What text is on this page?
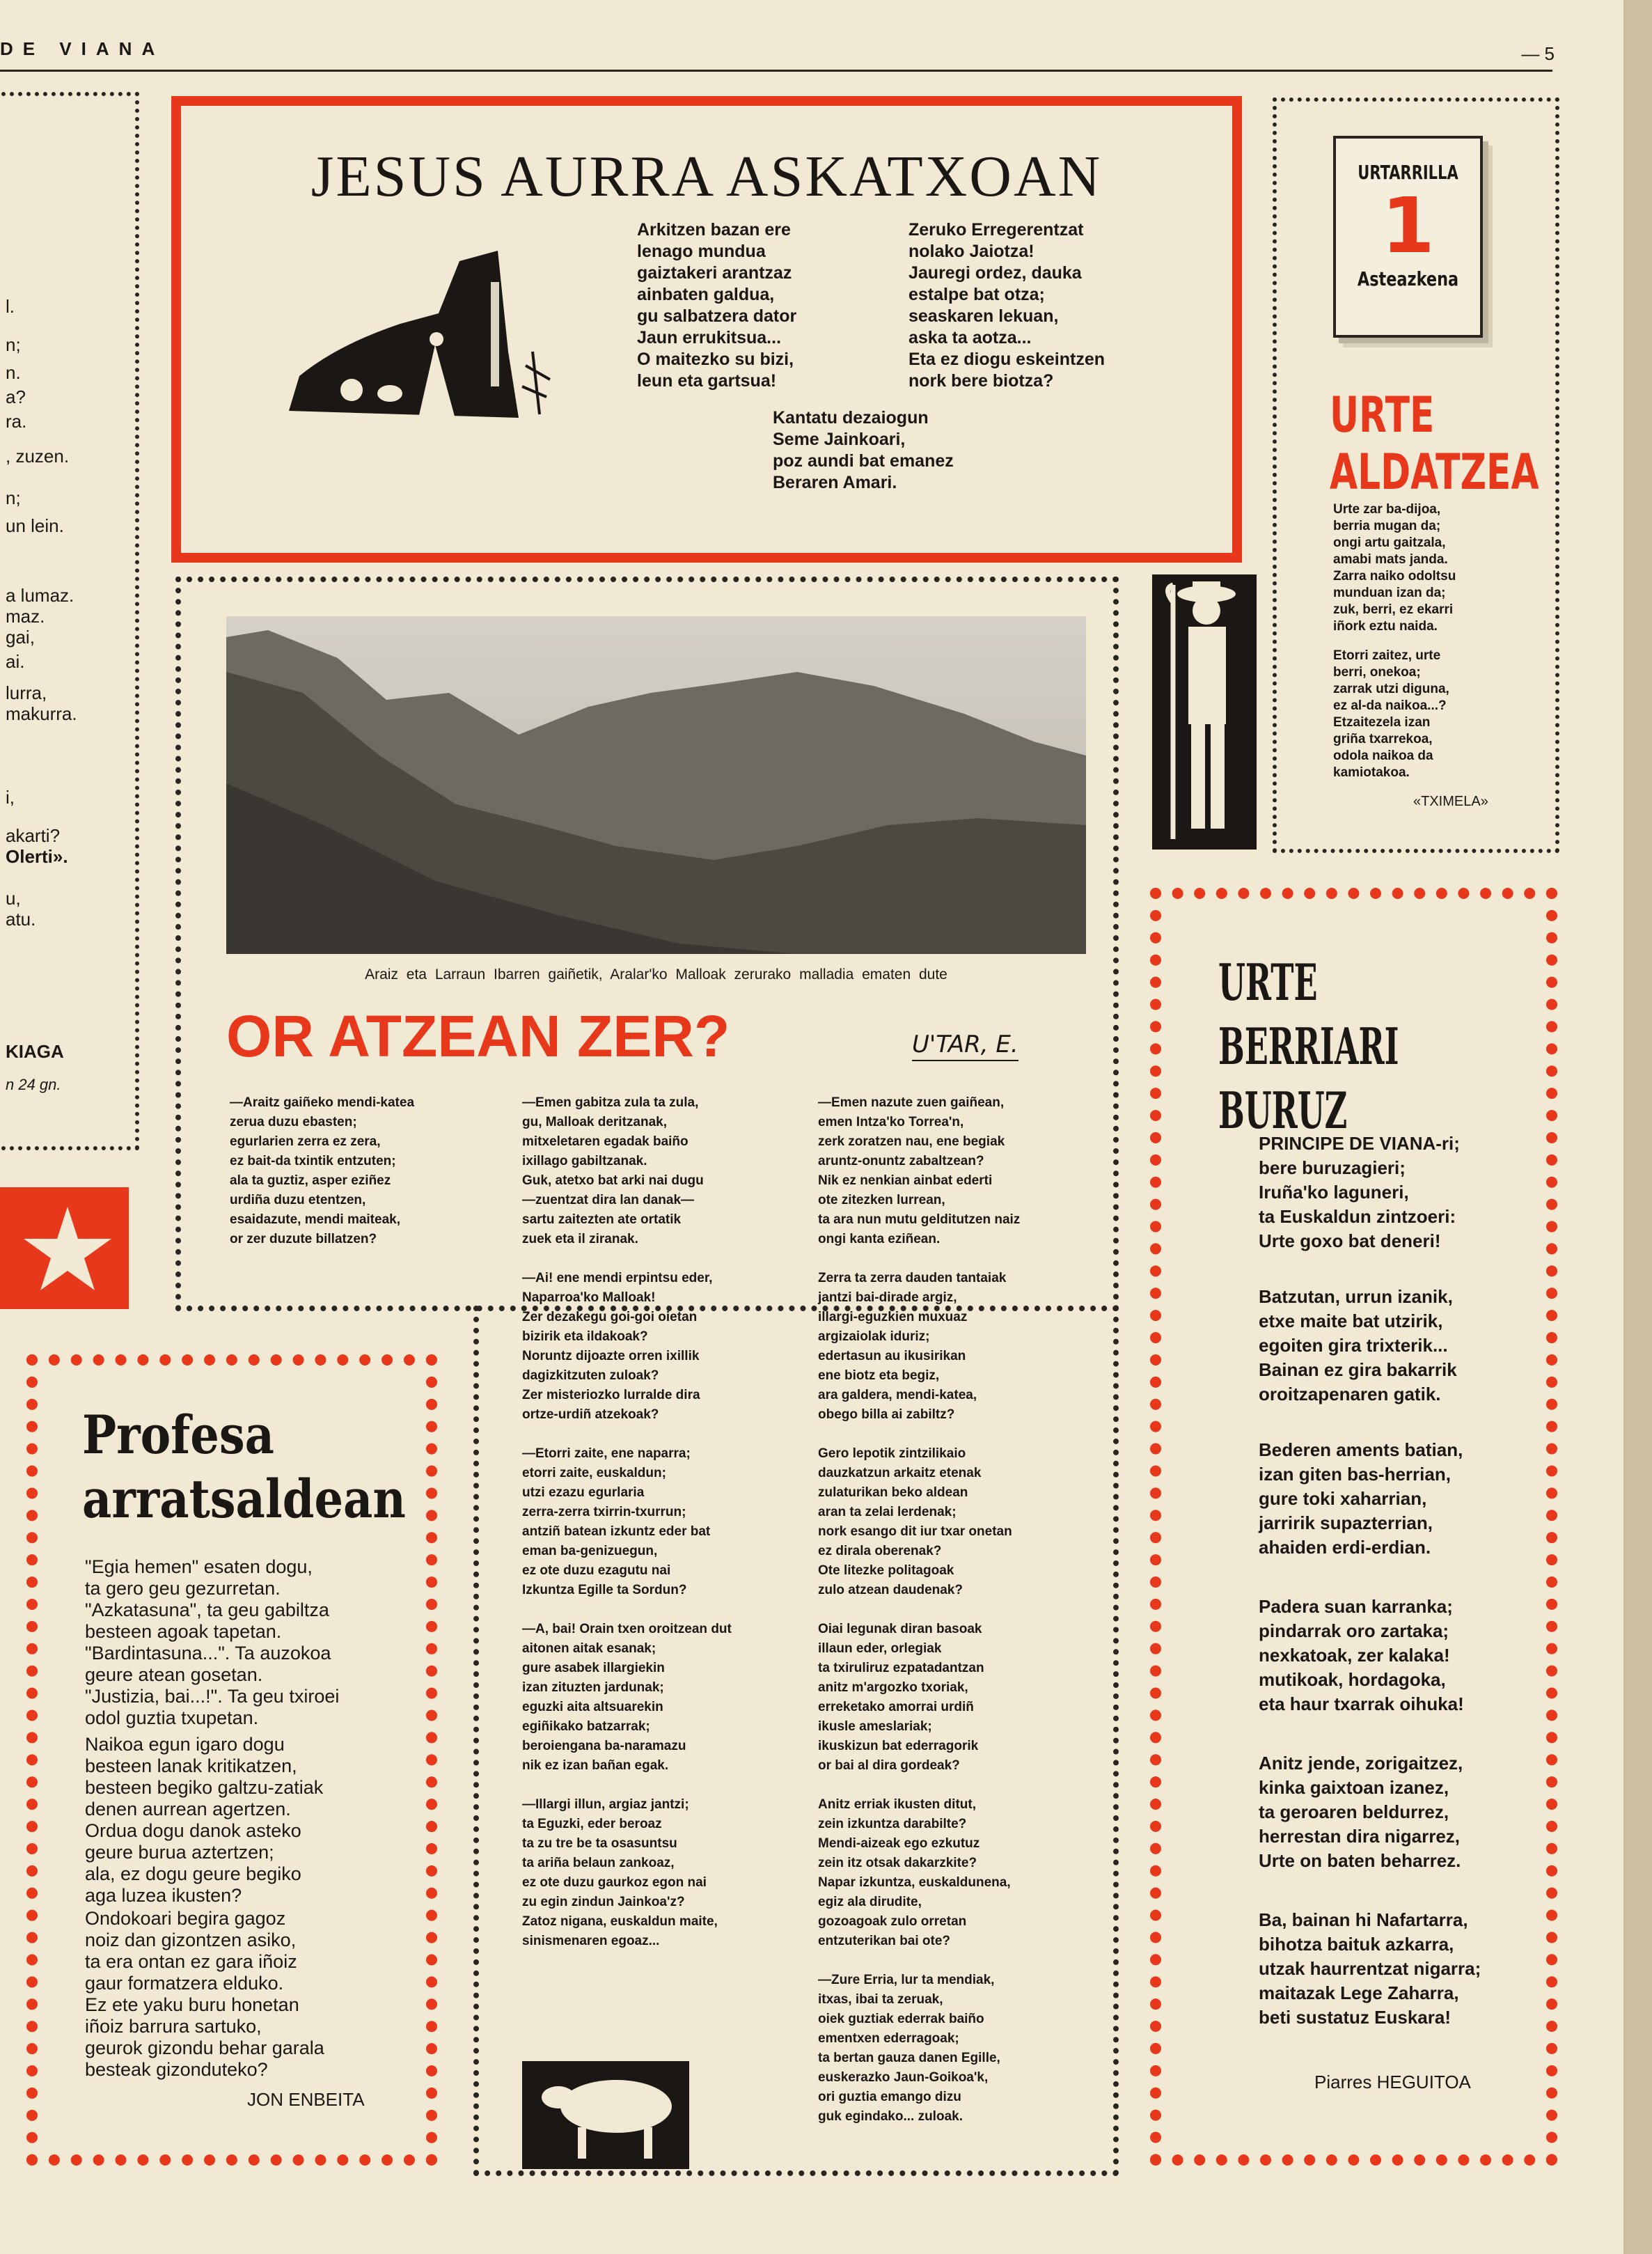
DE VIANA	— 5
l.
n;
n.
a?
ra.
, zuzen.
n;
un lein.
a lumaz.
maz.
gai,
ai.
lurra,
makurra.
i,
akarti?
Olerti».
u,
atu.
KIAGA
n 24 gn.
JESUS AURRA ASKATXOAN
Arkitzen bazan ere
lenago mundua
gaiztakeri arantzaz
ainbaten galdua,
gu salbatzera dator
Jaun errukitsua...
O maitezko su bizi,
leun eta gartsua!
Zeruko Erregerentzat
nolako Jaiotza!
Jauregi ordez, dauka
estalpe bat otza;
seaskaren lekuan,
aska ta aotza...
Eta ez diogu eskeintzen
nork bere biotza?
Kantatu dezaiogun
Seme Jainkoari,
poz aundi bat emanez
Beraren Amari.
URTARRILLA
1
Asteazkena
URTE
ALDATZEA
Urte zar ba-dijoa,
berria mugan da;
ongi artu gaitzala,
amabi mats janda.
Zarra naiko odoltsu
munduan izan da;
zuk, berri, ez ekarri
iñork eztu naida.
Etorri zaitez, urte
berri, onekoa;
zarrak utzi diguna,
ez al-da naikoa...?
Etzaitezela izan
griña txarrekoa,
odola naikoa da
kamiotakoa.
«TXIMELA»
Araiz eta Larraun Ibarren gaiñetik, Aralar'ko Malloak zerurako malladia ematen dute
OR ATZEAN ZER?	U'TAR, E.
—Araitz gaiñeko mendi-katea
zerua duzu ebasten;
egurlarien zerra ez zera,
ez bait-da txintik entzuten;
ala ta guztiz, asper eziñez
urdiña duzu etentzen,
esaidazute, mendi maiteak,
or zer duzute billatzen?
—Emen gabitza zula ta zula,
gu, Malloak deritzanak,
mitxeletaren egadak baiño
ixillago gabiltzanak.
Guk, atetxo bat arki nai dugu
—zuentzat dira lan danak—
sartu zaitezten ate ortatik
zuek eta il ziranak.

—Ai! ene mendi erpintsu eder,
Naparroa'ko Malloak!
Zer dezakegu goi-goi oietan
bizirik eta ildakoak?
Noruntz dijoazte orren ixillik
dagizkitzuten zuloak?
Zer misteriozko lurralde dira
ortze-urdiñ atzekoak?

—Etorri zaite, ene naparra;
etorri zaite, euskaldun;
utzi ezazu egurlaria
zerra-zerra txirrin-txurrun;
antziñ batean izkuntz eder bat
eman ba-genizuegun,
ez ote duzu ezagutu nai
Izkuntza Egille ta Sordun?

—A, bai! Orain txen oroitzean dut
aitonen aitak esanak;
gure asabek illargiekin
izan zituzten jardunak;
eguzki aita altsuarekin
egiñikako batzarrak;
beroiengana ba-naramazu
nik ez izan bañan egak.

—Illargi illun, argiaz jantzi;
ta Eguzki, eder beroaz
ta zu tre be ta osasuntsu
ta ariña belaun zankoaz,
ez ote duzu gaurkoz egon nai
zu egin zindun Jainkoa'z?
Zatoz nigana, euskaldun maite,
sinismenaren egoaz...
—Emen nazute zuen gaiñean,
emen Intza'ko Torrea'n,
zerk zoratzen nau, ene begiak
aruntz-onuntz zabaltzean?
Nik ez nenkian ainbat ederti
ote zitezken lurrean,
ta ara nun mutu gelditutzen naiz
ongi kanta eziñean.

Zerra ta zerra dauden tantaiak
jantzi bai-dirade argiz,
illargi-eguzkien muxuaz
argizaiolak iduriz;
edertasun au ikusirikan
ene biotz eta begiz,
ara galdera, mendi-katea,
obego billa ai zabiltz?

Gero lepotik zintzilikaio
dauzkatzun arkaitz etenak
zulaturikan beko aldean
aran ta zelai lerdenak;
nork esango dit iur txar onetan
ez dirala oberenak?
Ote litezke politagoak
zulo atzean daudenak?

Oiai legunak diran basoak
illaun eder, orlegiak
ta txiruliruz ezpatadantzan
anitz m'argozko txoriak,
erreketako amorrai urdiñ
ikusle ameslariak;
ikuskizun bat ederragorik
or bai al dira gordeak?

Anitz erriak ikusten ditut,
zein izkuntza darabilte?
Mendi-aizeak ego ezkutuz
zein itz otsak dakarzkite?
Napar izkuntza, euskaldunena,
egiz ala dirudite,
gozoagoak zulo orretan
entzuterikan bai ote?

—Zure Erria, lur ta mendiak,
itxas, ibai ta zeruak,
oiek guztiak ederrak baiño
ementxen ederragoak;
ta bertan gauza danen Egille,
euskerazko Jaun-Goikoa'k,
ori guztia emango dizu
guk egindako... zuloak.
Profesa
arratsaldean
"Egia hemen" esaten dogu,
ta gero geu gezurretan.
"Azkatasuna", ta geu gabiltza
besteen agoak tapetan.
"Bardintasuna...". Ta auzokoa
geure atean gosetan.
"Justizia, bai...!". Ta geu txiroei
odol guztia txupetan.
Naikoa egun igaro dogu
besteen lanak kritikatzen,
besteen begiko galtzu-zatiak
denen aurrean agertzen.
Ordua dogu danok asteko
geure burua aztertzen;
ala, ez dogu geure begiko
aga luzea ikusten?
Ondokoari begira gagoz
noiz dan gizontzen asiko,
ta era ontan ez gara iñoiz
gaur formatzera elduko.
Ez ete yaku buru honetan
iñoiz barrura sartuko,
geurok gizondu behar garala
besteak gizonduteko?
JON ENBEITA
URTE BERRIARI
BURUZ
PRINCIPE DE VIANA-ri;
bere buruzagieri;
Iruña'ko laguneri,
ta Euskaldun zintzoeri:
Urte goxo bat deneri!
Batzutan, urrun izanik,
etxe maite bat utzirik,
egoiten gira trixterik...
Bainan ez gira bakarrik
oroitzapenaren gatik.
Bederen aments batian,
izan giten bas-herrian,
gure toki xaharrian,
jarririk supazterrian,
ahaiden erdi-erdian.
Padera suan karranka;
pindarrak oro zartaka;
nexkatoak, zer kalaka!
mutikoak, hordagoka,
eta haur txarrak oihuka!
Anitz jende, zorigaitzez,
kinka gaixtoan izanez,
ta geroaren beldurrez,
herrestan dira nigarrez,
Urte on baten beharrez.
Ba, bainan hi Nafartarra,
bihotza baituk azkarra,
utzak haurrentzat nigarra;
maitazak Lege Zaharra,
beti sustatuz Euskara!
Piarres HEGUITOA
